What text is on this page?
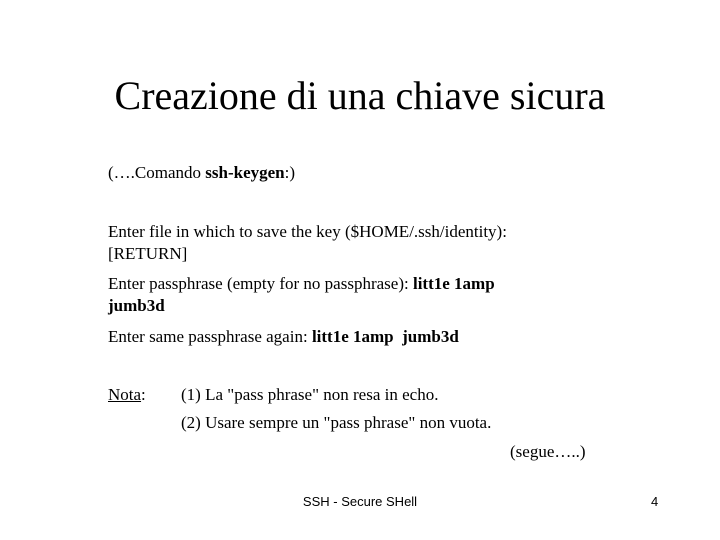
Creazione di una chiave sicura
(….Comando ssh-keygen:)
Enter file in which to save the key ($HOME/.ssh/identity):
[RETURN]
Enter passphrase (empty for no passphrase): litt1e 1amp
jumb3d
Enter same passphrase again: litt1e 1amp  jumb3d
Nota: (1) La "pass phrase" non resa in echo.
(2) Usare sempre un "pass phrase" non vuota.
(segue…..)
SSH - Secure SHell	4
